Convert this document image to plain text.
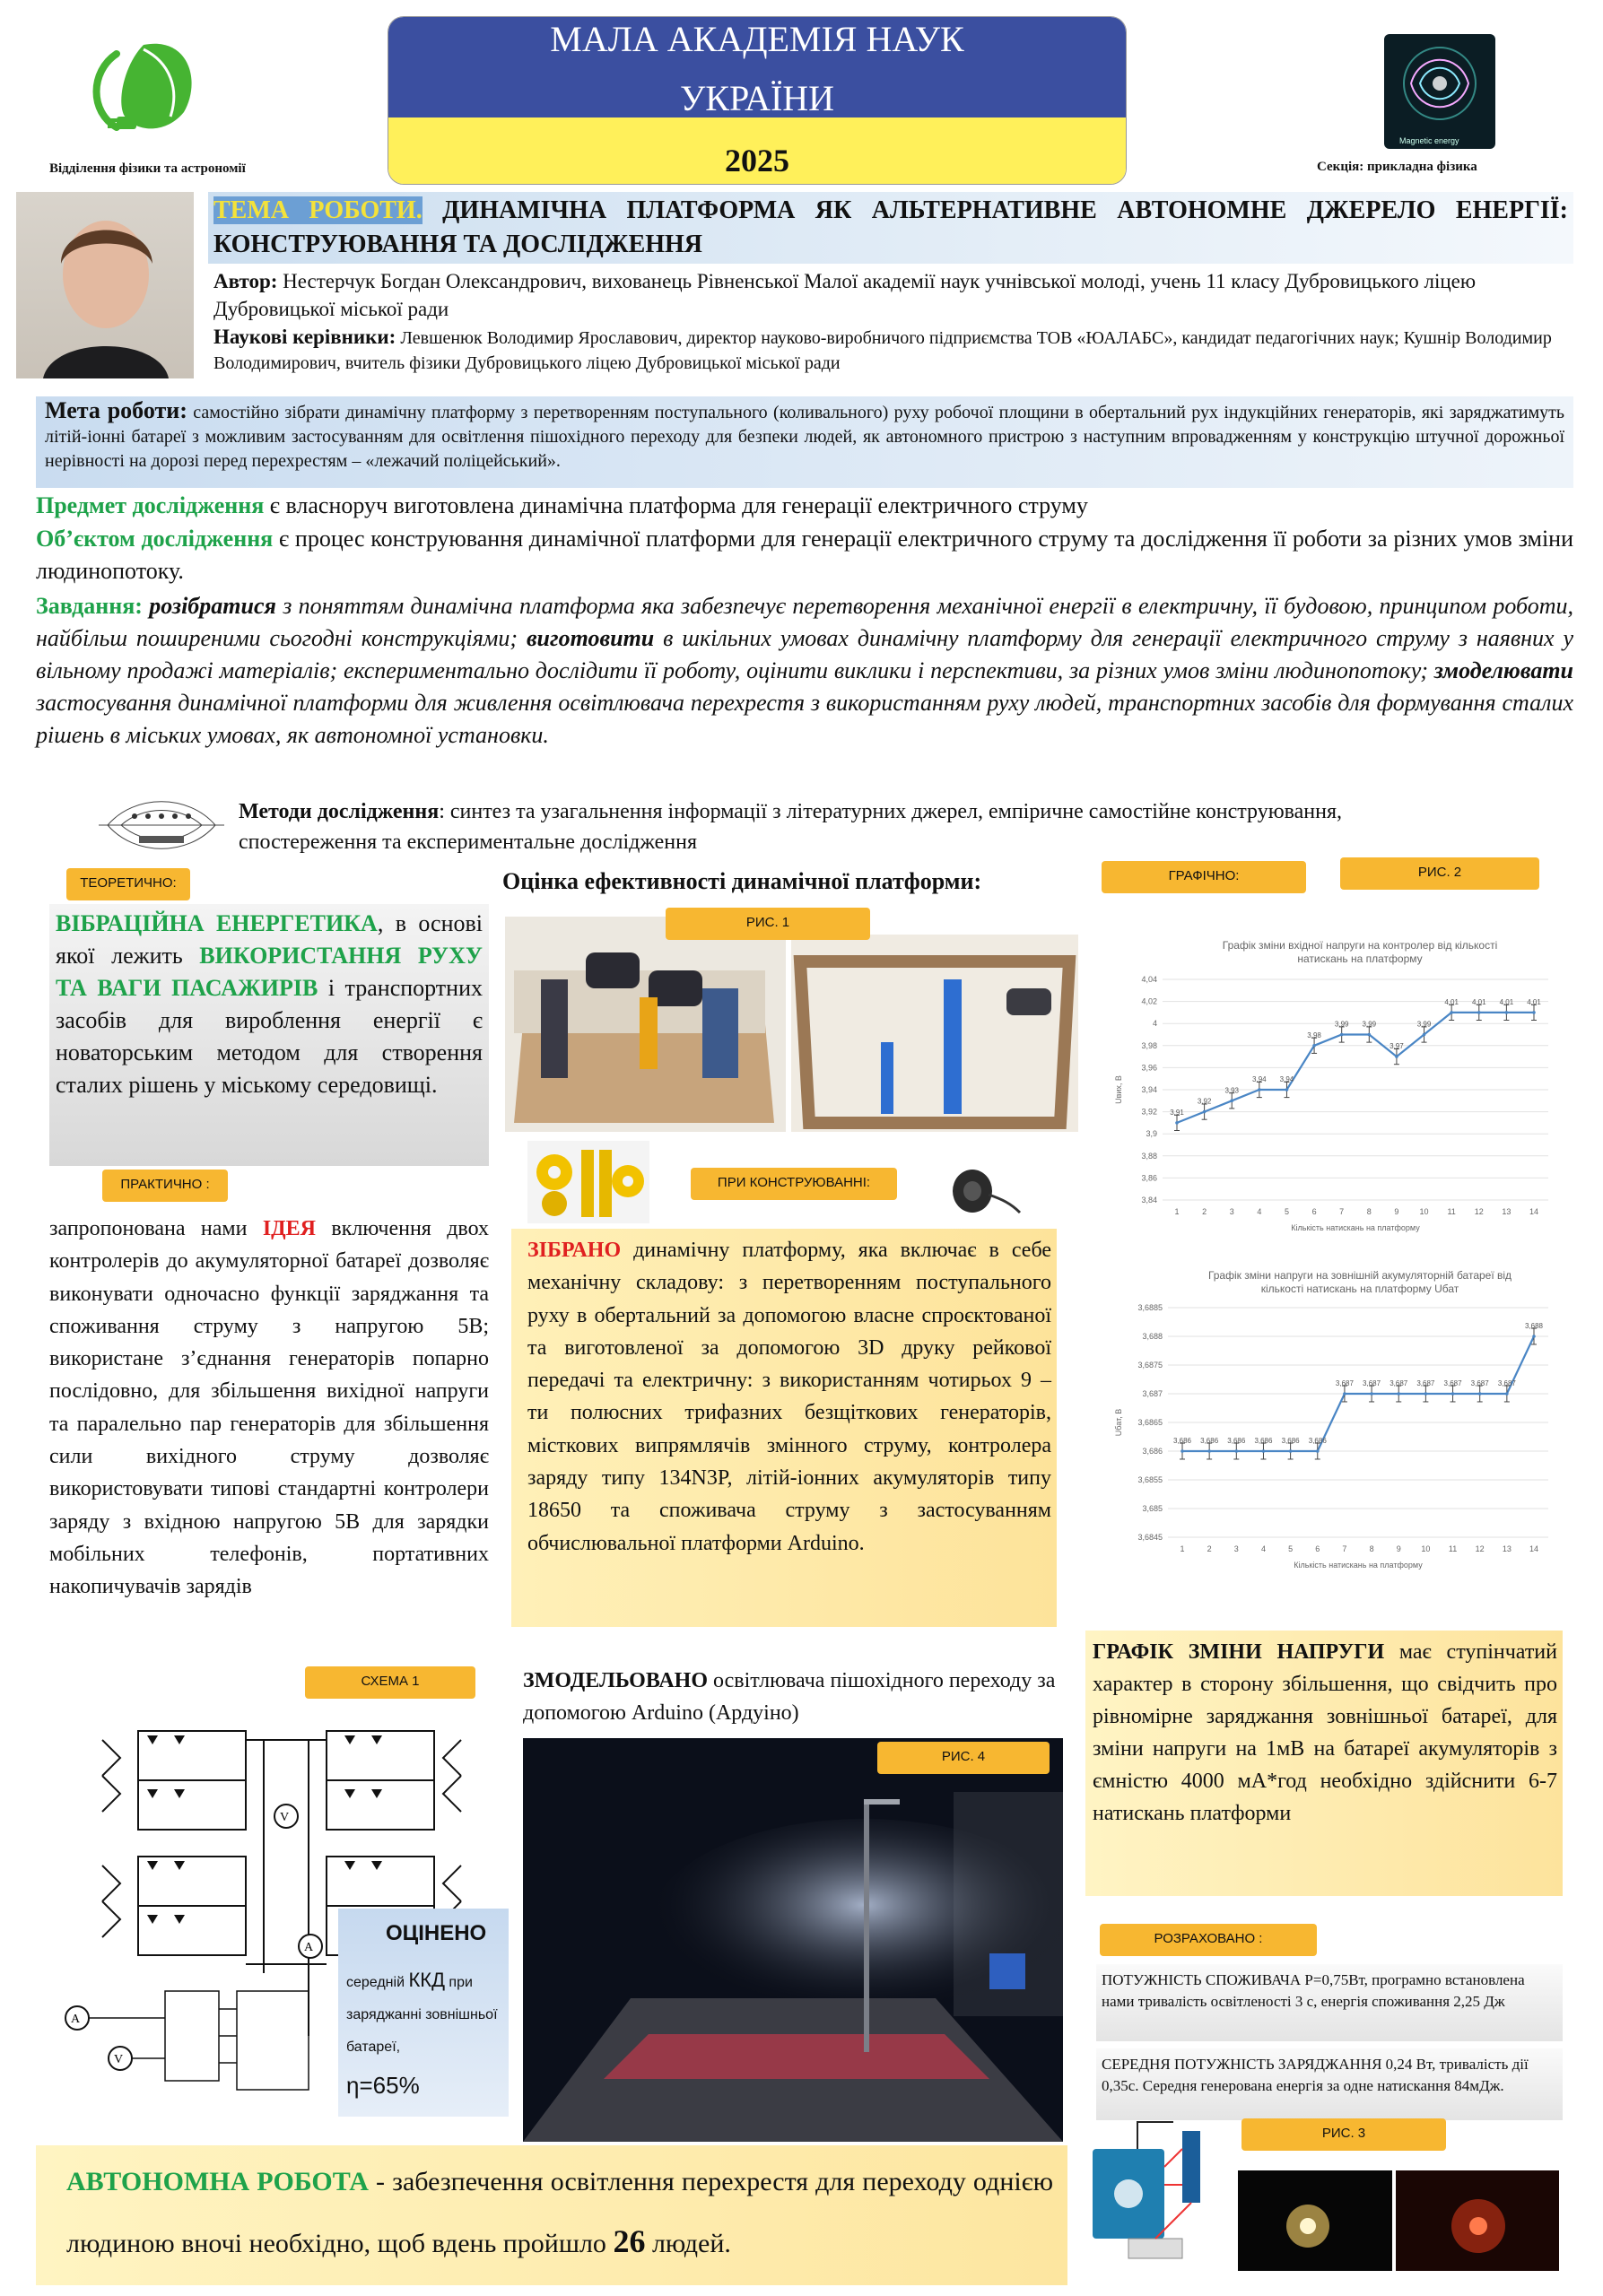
Відділення фізики та астрономії
МАЛА АКАДЕМІЯ НАУК
УКРАЇНИ
2025
Magnetic energy
Секція: прикладна фізика
ТЕМА РОБОТИ. ДИНАМІЧНА ПЛАТФОРМА ЯК АЛЬТЕРНАТИВНЕ АВТОНОМНЕ ДЖЕРЕЛО ЕНЕРГІЇ: КОНСТРУЮВАННЯ ТА ДОСЛІДЖЕННЯ
Автор: Нестерчук Богдан Олександрович, вихованець Рівненської Малої академії наук учнівської молоді, учень 11 класу Дубровицького ліцею Дубровицької міської ради
Наукові керівники: Левшенюк Володимир Ярославович, директор науково-виробничого підприємства ТОВ «ЮАЛАБС», кандидат педагогічних наук; Кушнір Володимир Володимирович, вчитель фізики Дубровицького ліцею Дубровицької міської ради
Мета роботи: самостійно зібрати динамічну платформу з перетворенням поступального (коливального) руху робочої площини в обертальний рух індукційних генераторів, які заряджатимуть літій-іонні батареї з можливим застосуванням для освітлення пішохідного переходу для безпеки людей, як автономного пристрою з наступним впровадженням у конструкцію штучної дорожньої нерівності на дорозі перед перехрестям – «лежачий поліцейський».
Предмет дослідження є власноруч виготовлена динамічна платформа для генерації електричного струму
Об’єктом дослідження є процес конструювання динамічної платформи для генерації електричного струму та дослідження її роботи за різних умов зміни людинопотоку.
Завдання: розібратися з поняттям динамічна платформа яка забезпечує перетворення механічної енергії в електричну, її будовою, принципом роботи, найбільш поширеними сьогодні конструкціями; виготовити в шкільних умовах динамічну платформу для генерації електричного струму з наявних у вільному продажі матеріалів; експериментально дослідити її роботу, оцінити виклики і перспективи, за різних умов зміни людинопотоку; змоделювати застосування динамічної платформи для живлення освітлювача перехрестя з використанням руху людей, транспортних засобів для формування сталих рішень в міських умовах, як автономної установки.
Методи дослідження: синтез та узагальнення інформації з літературних джерел, емпіричне самостійне конструювання, спостереження та експериментальне дослідження
ТЕОРЕТИЧНО:
ВІБРАЦІЙНА ЕНЕРГЕТИКА, в основі якої лежить ВИКОРИСТАННЯ РУХУ ТА ВАГИ ПАСАЖИРІВ і транспортних засобів для вироблення енергії є новаторським методом для створення сталих рішень у міському середовищі.
ПРАКТИЧНО :
запропонована нами ІДЕЯ включення двох контролерів до акумуляторної батареї дозволяє виконувати одночасно функції заряджання та споживання струму з напругою 5В; використане з’єднання генераторів попарно послідовно, для збільшення вихідної напруги та паралельно пар генераторів для збільшення сили вихідного струму дозволяє використовувати типові стандартні контролери заряду з вхідною напругою 5В для зарядки мобільних телефонів, портативних накопичувачів зарядів
СХЕМА 1
V
A
A
V
ОЦІНЕНО
середній ККД при заряджанні зовнішньої батареї,
η=65%
Оцінка ефективності динамічної платформи:
РИС. 1
ПРИ КОНСТРУЮВАННІ:
ЗІБРАНО динамічну платформу, яка включає в себе механічну складову: з перетворенням поступального руху в обертальний за допомогою власне спроєктованої та виготовленої за допомогою 3D друку рейкової передачі та електричну: з використанням чотирьох 9 – ти полюсних трифазних безщіткових генераторів, місткових випрямлячів змінного струму, контролера заряду типу 134N3P, літій-іонних акумуляторів типу 18650 та споживача струму з застосуванням обчислювальної платформи Arduino.
ЗМОДЕЛЬОВАНО освітлювача пішохідного переходу за допомогою Arduino (Ардуіно)
РИС. 4
АВТОНОМНА РОБОТА - забезпечення освітлення перехрестя для переходу однією людиною вночі необхідно, щоб вдень пройшло 26 людей.
ГРАФІЧНО:	РИС. 2
Графік зміни вхідної напруги на контролер від кількості
натискань на платформу
3,84
3,86
3,88
3,9
3,92
3,94
3,96
3,98
4
4,02
4,04
Uвих, В
1	2	3	4	5	6	7	8	9	10 11 12 13 14
Кількість натискань на платформу
3,91
3,92
3,93
3,94 3,94
3,98
3,99 3,99
3,97
3,99
4,01 4,01 4,01 4,01
Графік зміни напруги на зовнішній акумуляторній батареї від
кількості натискань на платформу Uбат
3,6845
3,685
3,6855
3,686
3,6865
3,687
3,6875
3,688
3,6885
Uбат, В
1	2	3	4	5	6	7	8	9	10 11 12 13 14
Кількість натискань на платформу
3,686 3,686 3,686 3,686 3,686 3,686
3,687 3,687 3,687 3,687 3,687 3,687 3,687
3,688
ГРАФІК ЗМІНИ НАПРУГИ має ступінчатий характер в сторону збільшення, що свідчить про рівномірне заряджання зовнішньої батареї, для зміни напруги на 1мВ на батареї акумуляторів з ємністю 4000 мА*год необхідно здійснити 6-7 натискань платформи
РОЗРАХОВАНО :
ПОТУЖНІСТЬ СПОЖИВАЧА Р=0,75Вт, програмно встановлена нами тривалість освітленості 3 с, енергія споживання 2,25 Дж
СЕРЕДНЯ ПОТУЖНІСТЬ ЗАРЯДЖАННЯ 0,24 Вт, тривалість дії 0,35с. Середня генерована енергія за одне натискання 84мДж.
РИС. 3
